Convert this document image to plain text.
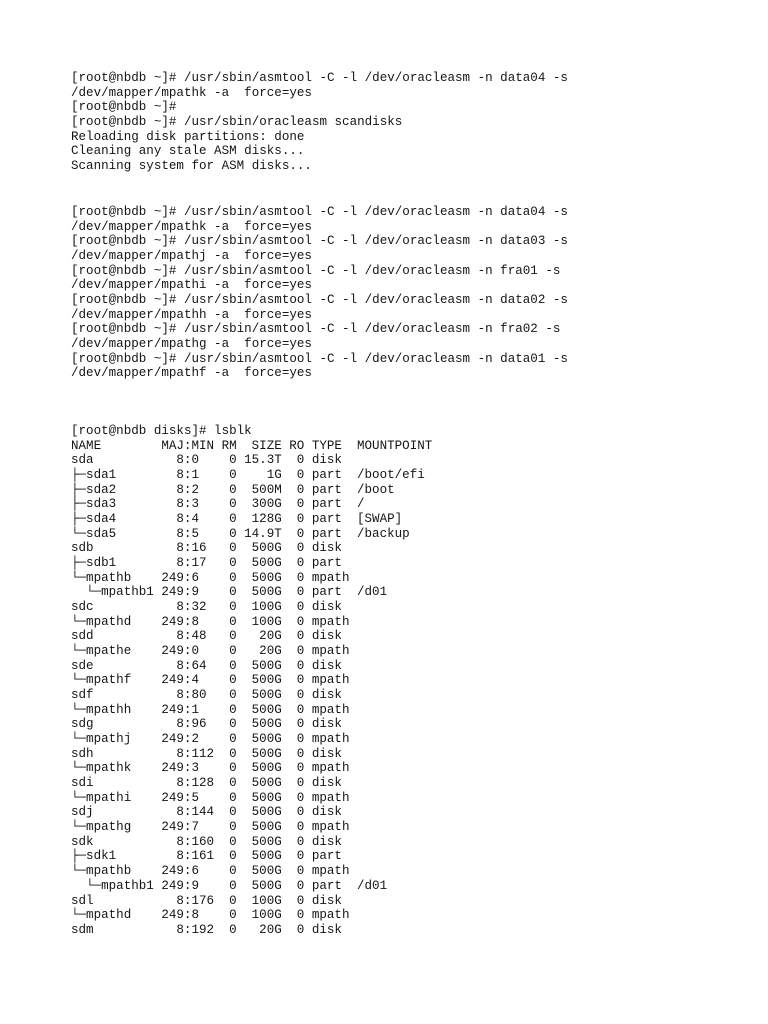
[root@nbdb ~]# /usr/sbin/asmtool -C -l /dev/oracleasm -n data04 -s
/dev/mapper/mpathk -a  force=yes
[root@nbdb ~]#
[root@nbdb ~]# /usr/sbin/oracleasm scandisks
Reloading disk partitions: done
Cleaning any stale ASM disks...
Scanning system for ASM disks...
[root@nbdb ~]# /usr/sbin/asmtool -C -l /dev/oracleasm -n data04 -s
/dev/mapper/mpathk -a  force=yes
[root@nbdb ~]# /usr/sbin/asmtool -C -l /dev/oracleasm -n data03 -s
/dev/mapper/mpathj -a  force=yes
[root@nbdb ~]# /usr/sbin/asmtool -C -l /dev/oracleasm -n fra01 -s
/dev/mapper/mpathi -a  force=yes
[root@nbdb ~]# /usr/sbin/asmtool -C -l /dev/oracleasm -n data02 -s
/dev/mapper/mpathh -a  force=yes
[root@nbdb ~]# /usr/sbin/asmtool -C -l /dev/oracleasm -n fra02 -s
/dev/mapper/mpathg -a  force=yes
[root@nbdb ~]# /usr/sbin/asmtool -C -l /dev/oracleasm -n data01 -s
/dev/mapper/mpathf -a  force=yes
[root@nbdb disks]# lsblk
NAME	MAJ:MIN RM	SIZE RO TYPE	MOUNTPOINT
sda	8:0	0 15.3T	0 disk
├─sda1	8:1	0	1G	0 part	/boot/efi
├─sda2	8:2	0	500M	0 part	/boot
├─sda3	8:3	0	300G	0 part	/
├─sda4	8:4	0	128G	0 part	[SWAP]
└─sda5	8:5	0 14.9T	0 part	/backup
sdb	8:16	0	500G	0 disk
├─sdb1	8:17	0	500G	0 part
└─mpathb	249:6	0	500G	0 mpath
└─mpathb1 249:9	0	500G	0 part	/d01
sdc	8:32	0	100G	0 disk
└─mpathd	249:8	0	100G	0 mpath
sdd	8:48	0	20G	0 disk
└─mpathe	249:0	0	20G	0 mpath
sde	8:64	0	500G	0 disk
└─mpathf	249:4	0	500G	0 mpath
sdf	8:80	0	500G	0 disk
└─mpathh	249:1	0	500G	0 mpath
sdg	8:96	0	500G	0 disk
└─mpathj	249:2	0	500G	0 mpath
sdh	8:112	0	500G	0 disk
└─mpathk	249:3	0	500G	0 mpath
sdi	8:128	0	500G	0 disk
└─mpathi	249:5	0	500G	0 mpath
sdj	8:144	0	500G	0 disk
└─mpathg	249:7	0	500G	0 mpath
sdk	8:160	0	500G	0 disk
├─sdk1	8:161	0	500G	0 part
└─mpathb	249:6	0	500G	0 mpath
└─mpathb1 249:9	0	500G	0 part	/d01
sdl	8:176	0	100G	0 disk
└─mpathd	249:8	0	100G	0 mpath
sdm	8:192	0	20G	0 disk
